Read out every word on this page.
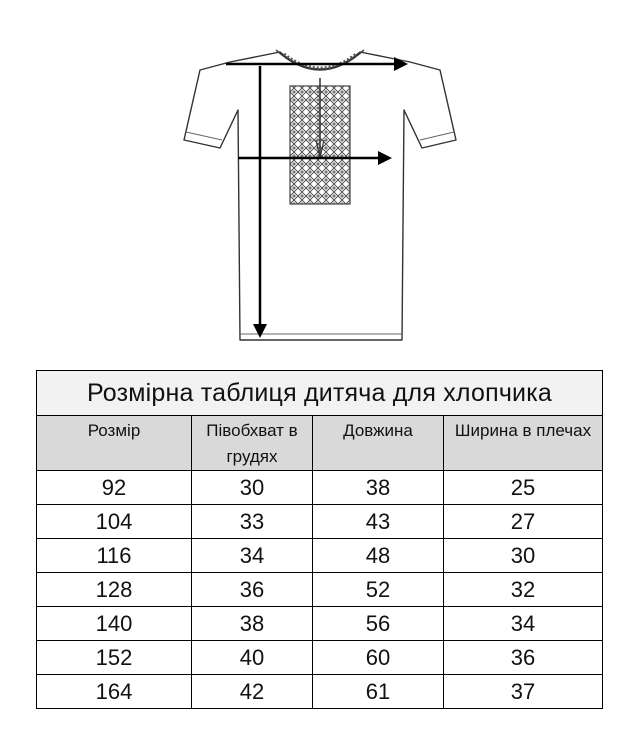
Розмірна таблиця дитяча для хлопчика			
Розмір	Півобхват в грудях	Довжина	Ширина в плечах
92	30	38	25
104	33	43	27
116	34	48	30
128	36	52	32
140	38	56	34
152	40	60	36
164	42	61	37
